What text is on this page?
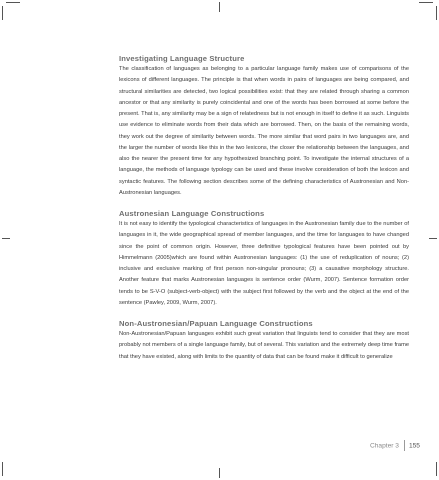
Investigating Language Structure

The classification of languages as belonging to a particular language family makes use of comparisons of the lexicons of different languages. The principle is that when words in pairs of languages are being compared, and structural similarities are detected, two logical possibilities exist: that they are related through sharing a common ancestor or that any similarity is purely coincidental and one of the words has been borrowed at some before the present. That is, any similarity may be a sign of relatedness but is not enough in itself to define it as such. Linguists use evidence to eliminate words from their data which are borrowed. Then, on the basis of the remaining words, they work out the degree of similarity between words. The more similar that word pairs in two languages are, and the larger the number of words like this in the two lexicons, the closer the relationship between the languages, and also the nearer the present time for any hypothesized branching point. To investigate the internal structures of a language, the methods of language typology can be used and these involve consideration of both the lexicon and syntactic features. The following section describes some of the defining characteristics of Austronesian and Non-Austronesian languages.

Austronesian Language Constructions

It is not easy to identify the typological characteristics of languages in the Austronesian family due to the number of languages in it, the wide geographical spread of member languages, and the time for languages to have changed since the point of common origin. However, three definitive typological features have been pointed out by Himmelmann (2005)which are found within Austronesian languages: (1) the use of reduplication of nouns; (2) inclusive and exclusive marking of first person non-singular pronouns; (3) a causative morphology structure. Another feature that marks Austronesian languages is sentence order (Wurm, 2007). Sentence formation order tends to be S-V-O (subject-verb-object) with the subject first followed by the verb and the object at the end of the sentence (Pawley, 2009, Wurm, 2007).

Non-Austronesian/Papuan Language Constructions

Non-Austronesian/Papuan languages exhibit such great variation that linguists tend to consider that they are most probably not members of a single language family, but of several. This variation and the extremely deep time frame that they have existed, along with limits to the quantity of data that can be found make it difficult to generalize

Chapter 3 155
